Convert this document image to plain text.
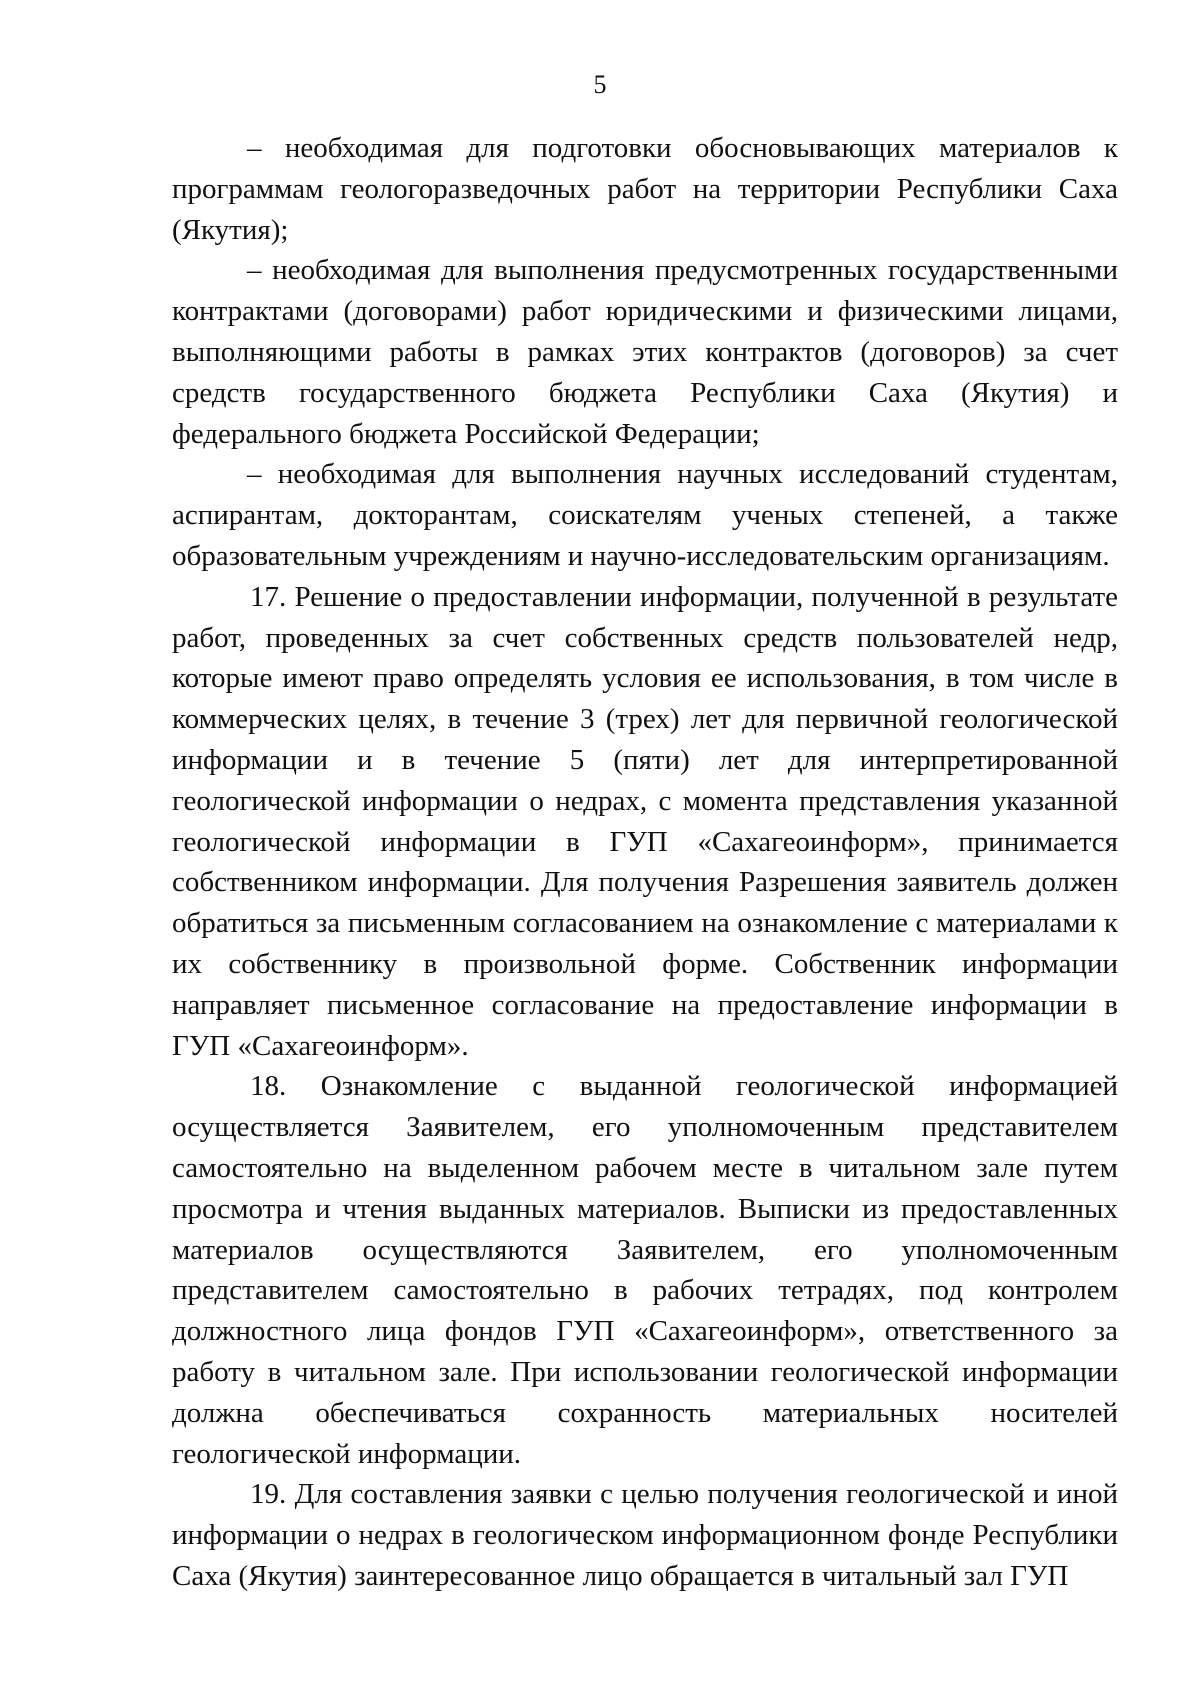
5

– необходимая для подготовки обосновывающих материалов к программам геологоразведочных работ на территории Республики Саха (Якутия);

– необходимая для выполнения предусмотренных государственными контрактами (договорами) работ юридическими и физическими лицами, выполняющими работы в рамках этих контрактов (договоров) за счет средств государственного бюджета Республики Саха (Якутия) и федерального бюджета Российской Федерации;

– необходимая для выполнения научных исследований студентам, аспирантам, докторантам, соискателям ученых степеней, а также образовательным учреждениям и научно-исследовательским организациям.

17. Решение о предоставлении информации, полученной в результате работ, проведенных за счет собственных средств пользователей недр, которые имеют право определять условия ее использования, в том числе в коммерческих целях, в течение 3 (трех) лет для первичной геологической информации и в течение 5 (пяти) лет для интерпретированной геологической информации о недрах, с момента представления указанной геологической информации в ГУП «Сахагеоинформ», принимается собственником информации. Для получения Разрешения заявитель должен обратиться за письменным согласованием на ознакомление с материалами к их собственнику в произвольной форме. Собственник информации направляет письменное согласование на предоставление информации в ГУП «Сахагеоинформ».

18. Ознакомление с выданной геологической информацией осуществляется Заявителем, его уполномоченным представителем самостоятельно на выделенном рабочем месте в читальном зале путем просмотра и чтения выданных материалов. Выписки из предоставленных материалов осуществляются Заявителем, его уполномоченным представителем самостоятельно в рабочих тетрадях, под контролем должностного лица фондов ГУП «Сахагеоинформ», ответственного за работу в читальном зале. При использовании геологической информации должна обеспечиваться сохранность материальных носителей геологической информации.

19. Для составления заявки с целью получения геологической и иной информации о недрах в геологическом информационном фонде Республики Саха (Якутия) заинтересованное лицо обращается в читальный зал ГУП
